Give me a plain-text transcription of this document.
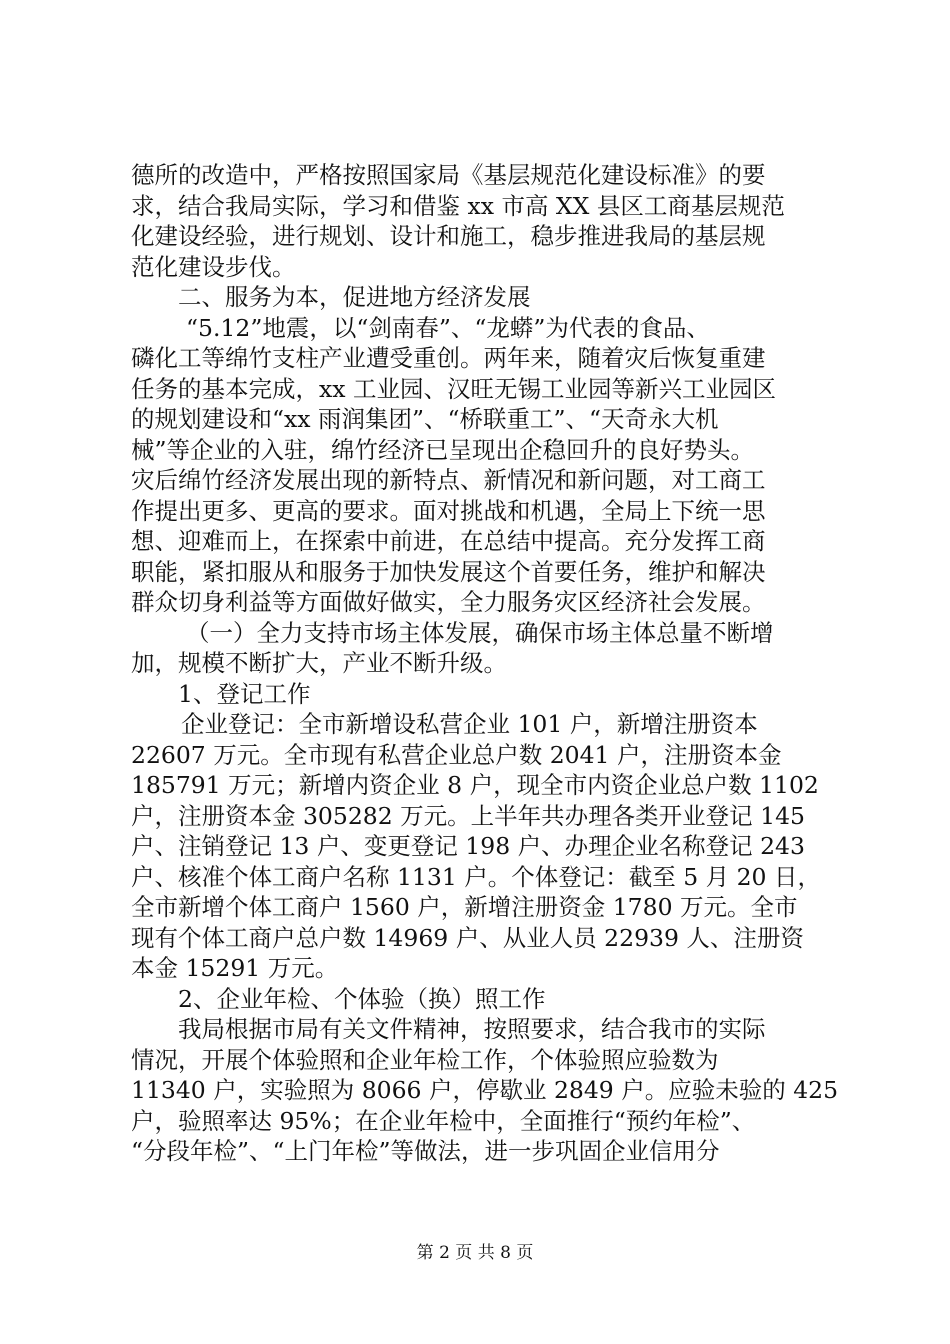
德所的改造中，严格按照国家局《基层规范化建设标准》的要
求，结合我局实际，学习和借鉴 xx 市高 XX 县区工商基层规范
化建设经验，进行规划、设计和施工，稳步推进我局的基层规
范化建设步伐。
二、服务为本，促进地方经济发展
“5.12”地震，以“剑南春”、“龙蟒”为代表的食品、
磷化工等绵竹支柱产业遭受重创。两年来，随着灾后恢复重建
任务的基本完成，xx 工业园、汉旺无锡工业园等新兴工业园区
的规划建设和“xx 雨润集团”、“桥联重工”、“天奇永大机
械”等企业的入驻，绵竹经济已呈现出企稳回升的良好势头。
灾后绵竹经济发展出现的新特点、新情况和新问题，对工商工
作提出更多、更高的要求。面对挑战和机遇，全局上下统一思
想、迎难而上，在探索中前进，在总结中提高。充分发挥工商
职能，紧扣服从和服务于加快发展这个首要任务，维护和解决
群众切身利益等方面做好做实，全力服务灾区经济社会发展。
（一）全力支持市场主体发展，确保市场主体总量不断增
加，规模不断扩大，产业不断升级。
1、登记工作
企业登记：全市新增设私营企业 101 户，新增注册资本
22607 万元。全市现有私营企业总户数 2041 户，注册资本金
185791 万元；新增内资企业 8 户，现全市内资企业总户数 1102
户，注册资本金 305282 万元。上半年共办理各类开业登记 145
户、注销登记 13 户、变更登记 198 户、办理企业名称登记 243
户、核准个体工商户名称 1131 户。个体登记：截至 5 月 20 日，
全市新增个体工商户 1560 户，新增注册资金 1780 万元。全市
现有个体工商户总户数 14969 户、从业人员 22939 人、注册资
本金 15291 万元。
2、企业年检、个体验（换）照工作
我局根据市局有关文件精神，按照要求，结合我市的实际
情况，开展个体验照和企业年检工作，个体验照应验数为
11340 户，实验照为 8066 户，停歇业 2849 户。应验未验的 425
户，验照率达 95%；在企业年检中，全面推行“预约年检”、
“分段年检”、“上门年检”等做法，进一步巩固企业信用分
第 2 页 共 8 页
